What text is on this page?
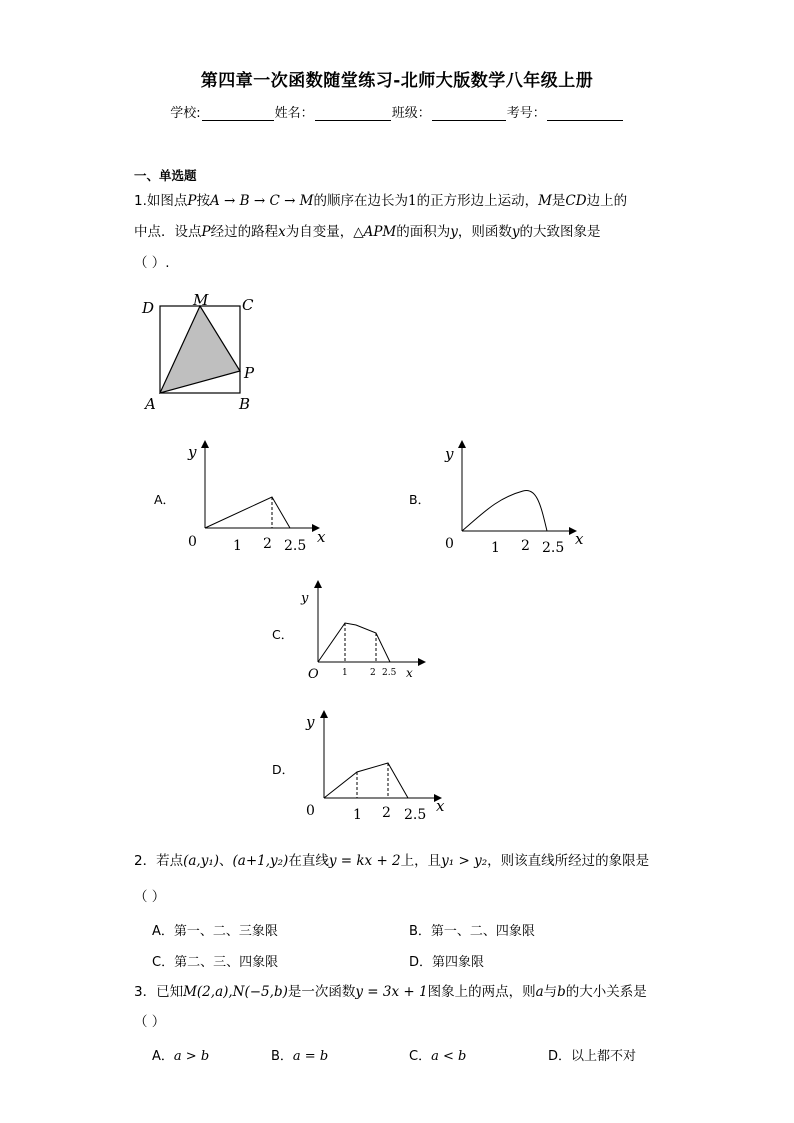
第四章一次函数随堂练习-北师大版数学八年级上册
学校:	姓名：	班级：	考号：
一、单选题
1.如图点P按A → B → C → M的顺序在边长为1的正方形边上运动，M是CD边上的
中点．设点P经过的路程x为自变量，△APM的面积为y，则函数y的大致图象是
（ ）.
D	M C
P
A	B
A．
y
0	1 2 2.5 x
B．
y
0	1 2 2.5 x
C．
y
O	1 2 2.5 x
D．
y
0	1 2 2.5 x
2．若点(a,y₁)、(a+1,y₂)在直线y = kx + 2上，且y₁ > y₂，则该直线所经过的象限是
（ ）
A．第一、二、三象限	B．第一、二、四象限
C．第二、三、四象限	D．第四象限
3．已知M(2,a),N(−5,b)是一次函数y = 3x + 1图象上的两点，则a与b的大小关系是
（ ）
A．a > b	B．a = b	C．a < b	D．以上都不对
